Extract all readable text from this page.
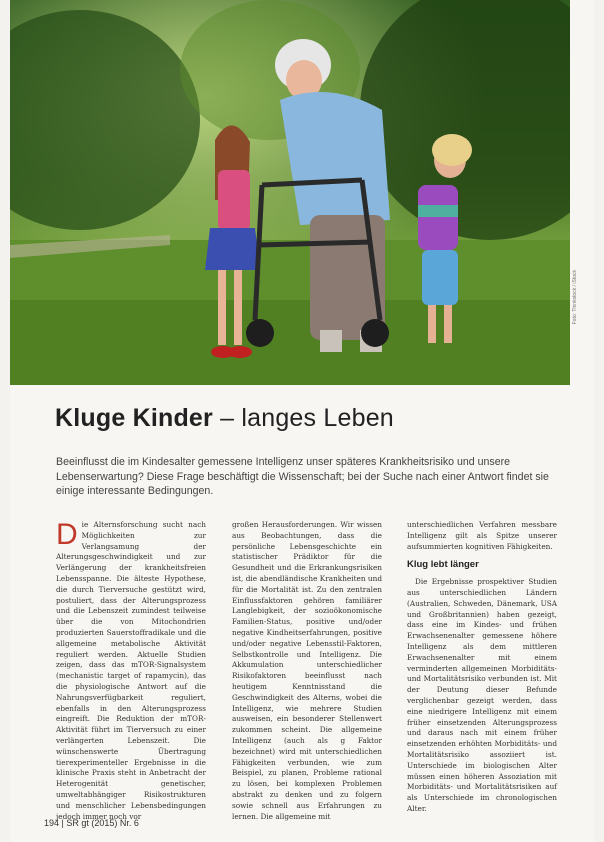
Foto: Thinkstock / iStock
Kluge Kinder – langes Leben

Beeinflusst die im Kindesalter gemessene Intelligenz unser späteres Krankheitsrisiko und unsere Lebenserwartung? Diese Frage beschäftigt die Wissenschaft; bei der Suche nach einer Antwort findet sie einige interessante Bedingungen.

D ie Alternsforschung sucht nach Möglichkeiten zur Verlangsamung der Alterungsgeschwindigkeit und zur Verlängerung der krankheitsfreien Lebensspanne. Die älteste Hypothese, die durch Tierversuche gestützt wird, postuliert, dass der Alterungsprozess und die Lebenszeit zumindest teilweise über die von Mitochondrien produzierten Sauerstoffradikale und die allgemeine metabolische Aktivität reguliert werden. Aktuelle Studien zeigen, dass das mTOR-Signalsystem (mechanistic target of rapamycin), das die physiologische Antwort auf die Nahrungsverfügbarkeit reguliert, ebenfalls in den Alterungsprozess eingreift. Die Reduktion der mTOR-Aktivität führt im Tierversuch zu einer verlängerten Lebenszeit. Die wünschenswerte Übertragung tierexperimenteller Ergebnisse in die klinische Praxis steht in Anbetracht der Heterogenität genetischer, umweltabhängiger Risikostrukturen und menschlicher Lebensbedingungen jedoch immer noch vor

großen Herausforderungen. Wir wissen aus Beobachtungen, dass die persönliche Lebensgeschichte ein statistischer Prädiktor für die Gesundheit und die Erkrankungsrisiken ist, die abendländische Krankheiten und für die Mortalität ist. Zu den zentralen Einflussfaktoren gehören familiärer Langlebigkeit, der sozioökonomische Familien-Status, positive und/oder negative Kindheitserfahrungen, positive und/oder negative Lebensstil-Faktoren, Selbstkontrolle und Intelligenz. Die Akkumulation unterschiedlicher Risikofaktoren beeinflusst nach heutigem Kenntnisstand die Geschwindigkeit des Alterns, wobei die Intelligenz, wie mehrere Studien ausweisen, ein besonderer Stellenwert zukommen scheint. Die allgemeine Intelligenz (auch als g Faktor bezeichnet) wird mit unterschiedlichen Fähigkeiten verbunden, wie zum Beispiel, zu planen, Probleme rational zu lösen, bei komplexen Problemen abstrakt zu denken und zu folgern sowie schnell aus Erfahrungen zu lernen. Die allgemeine mit

unterschiedlichen Verfahren messbare Intelligenz gilt als Spitze unserer aufsummierten kognitiven Fähigkeiten.

Klug lebt länger

Die Ergebnisse prospektiver Studien aus unterschiedlichen Ländern (Australien, Schweden, Dänemark, USA und Großbritannien) haben gezeigt, dass eine im Kindes- und frühen Erwachsenenalter gemessene höhere Intelligenz als dem mittleren Erwachsenenalter mit einem verminderten allgemeinen Morbiditäts- und Mortalitätsrisiko verbunden ist. Mit der Deutung dieser Befunde verglichenbar gezeigt werden, dass eine niedrigere Intelligenz mit einem früher einsetzenden Alterungsprozess und daraus nach mit einem früher einsetzenden erhöhten Morbiditäts- und Mortalitätsrisiko assoziiert ist. Unterschiede im biologischen Alter müssen einen höheren Assoziation mit Morbiditäts- und Mortalitätsrisiken auf als Unterschiede im chronologischen Alter.

194 | SR gt (2015) Nr. 6
